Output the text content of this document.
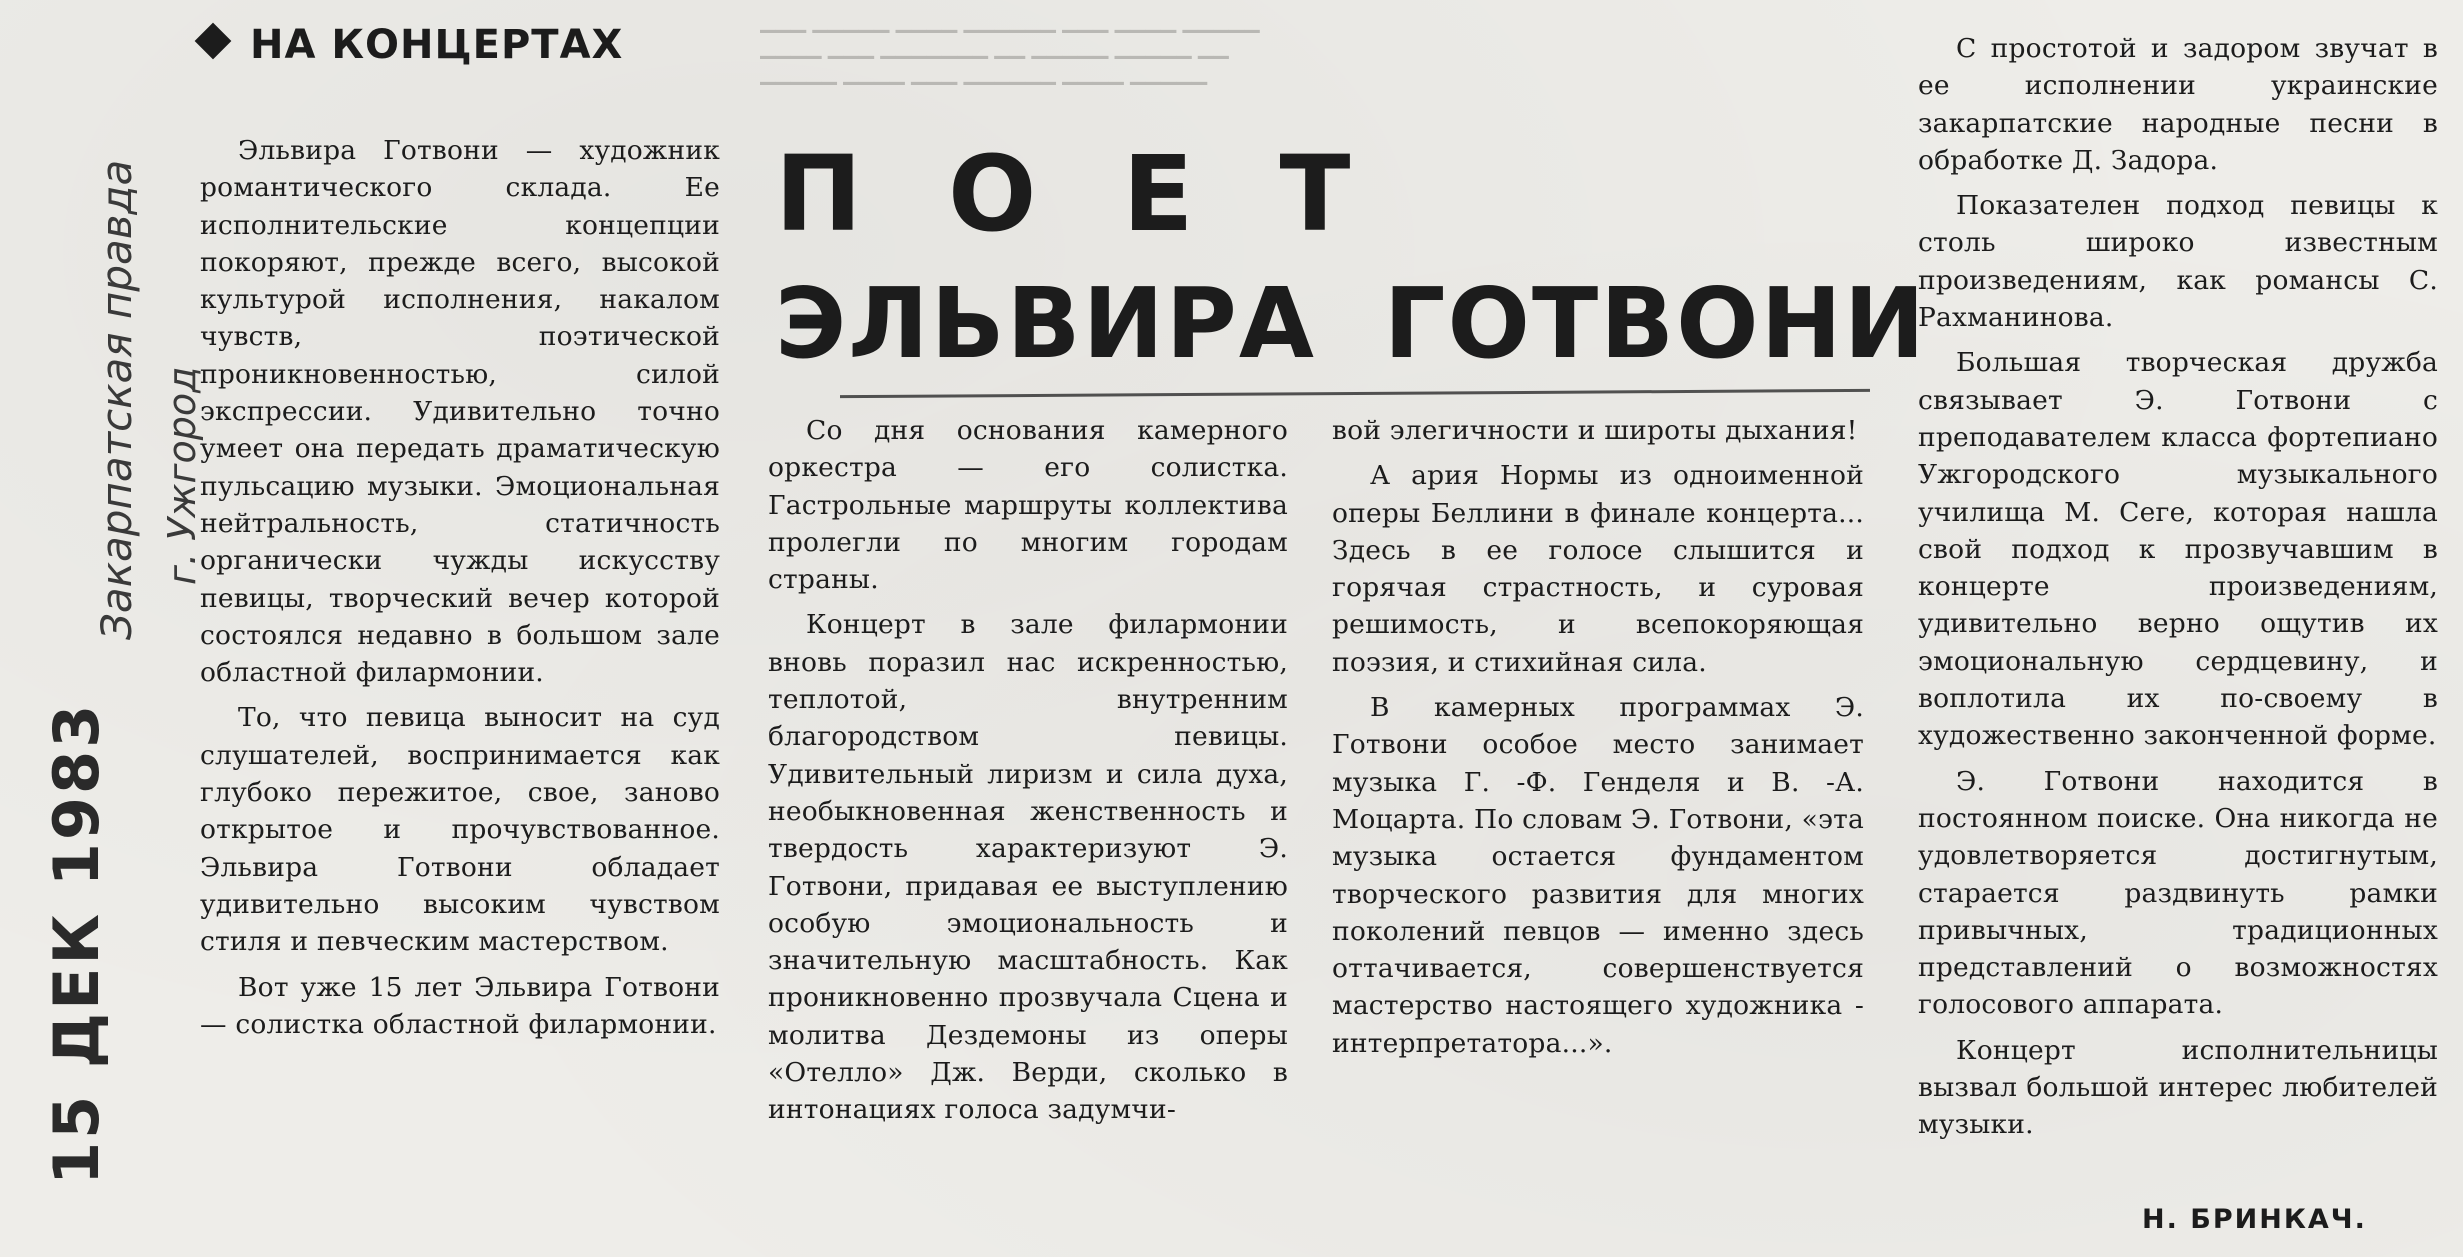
▁▁▁ ▁▁▁▁▁ ▁▁▁▁ ▁▁▁▁▁▁ ▁▁▁ ▁▁▁▁ ▁▁▁▁▁
▁▁▁▁ ▁▁▁ ▁▁▁▁▁▁▁ ▁▁ ▁▁▁▁▁ ▁▁▁▁▁ ▁▁
▁▁▁▁▁ ▁▁▁▁ ▁▁▁ ▁▁▁▁▁▁ ▁▁▁▁ ▁▁▁▁▁
15 ДЕК 1983
Закарпатская правда г. Ужгород
НА КОНЦЕРТАХ
ПОЕТ
ЭЛЬВИРА ГОТВОНИ

Эльвира Готвони — художник романтического склада. Ее исполнительские концепции покоряют, прежде всего, высокой культурой исполнения, накалом чувств, поэтической проникновенностью, силой экспрессии. Удивительно точно умеет она передать драматическую пульсацию музыки. Эмоциональная нейтральность, статичность органически чужды искусству певицы, творческий вечер которой состоялся недавно в большом зале областной филармонии.

То, что певица выносит на суд слушателей, воспринимается как глубоко пережитое, свое, заново открытое и прочувствованное. Эльвира Готвони обладает удивительно высоким чувством стиля и певческим мастерством.

Вот уже 15 лет Эльвира Готвони — солистка областной филармонии.

Со дня основания камерного оркестра — его солистка. Гастрольные маршруты коллектива пролегли по многим городам страны.

Концерт в зале филармонии вновь поразил нас искренностью, теплотой, внутренним благородством певицы. Удивительный лиризм и сила духа, необыкновенная женственность и твердость характеризуют Э. Готвони, придавая ее выступлению особую эмоциональность и значительную масштабность. Как проникновенно прозвучала Сцена и молитва Дездемоны из оперы «Отелло» Дж. Верди, сколько в интонациях голоса задумчи-

вой элегичности и широты дыхания!

А ария Нормы из одноименной оперы Беллини в финале концерта... Здесь в ее голосе слышится и горячая страстность, и суровая решимость, и всепокоряющая поэзия, и стихийная сила.

В камерных программах Э. Готвони особое место занимает музыка Г. -Ф. Генделя и В. -А. Моцарта. По словам Э. Готвони, «эта музыка остается фундаментом творческого развития для многих поколений певцов — именно здесь оттачивается, совершенствуется мастерство настоящего художника - интерпретатора...».

С простотой и задором звучат в ее исполнении украинские закарпатские народные песни в обработке Д. Задора.

Показателен подход певицы к столь широко известным произведениям, как романсы С. Рахманинова.

Большая творческая дружба связывает Э. Готвони с преподавателем класса фортепиано Ужгородского музыкального училища М. Сеге, которая нашла свой подход к прозвучавшим в концерте произведениям, удивительно верно ощутив их эмоциональную сердцевину, и воплотила их по-своему в художественно законченной форме.

Э. Готвони находится в постоянном поиске. Она никогда не удовлетворяется достигнутым, старается раздвинуть рамки привычных, традиционных представлений о возможностях голосового аппарата.

Концерт исполнительницы вызвал большой интерес любителей музыки.

Н. БРИНКАЧ.
